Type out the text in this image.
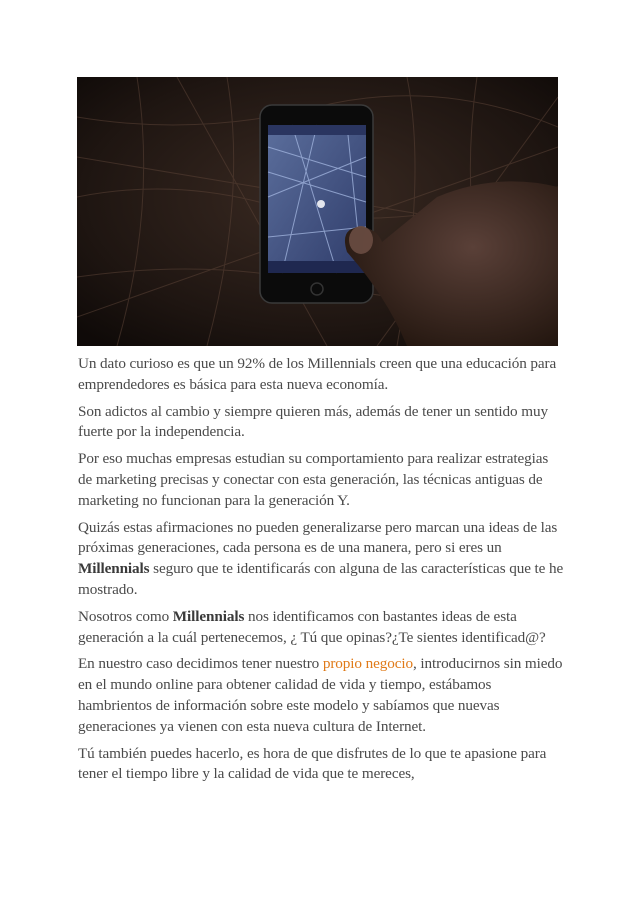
Un dato curioso es que un 92% de los Millennials creen que una educación para emprendedores es básica para esta nueva economía.

Son adictos al cambio y siempre quieren más, además de tener un sentido muy fuerte por la independencia.

Por eso muchas empresas estudian su comportamiento para realizar estrategias de marketing precisas y conectar con esta generación, las técnicas antiguas de marketing no funcionan para la generación Y.

Quizás estas afirmaciones no pueden generalizarse pero marcan una ideas de las próximas generaciones, cada persona es de una manera, pero si eres un Millennials seguro que te identificarás con alguna de las características que te he mostrado.

Nosotros como Millennials nos identificamos con bastantes ideas de esta generación a la cuál pertenecemos, ¿ Tú que opinas?¿Te sientes identificad@?

En nuestro caso decidimos tener nuestro propio negocio, introducirnos sin miedo en el mundo online para obtener calidad de vida y tiempo, estábamos hambrientos de información sobre este modelo y sabíamos que nuevas generaciones ya vienen con esta nueva cultura de Internet.

Tú también puedes hacerlo, es hora de que disfrutes de lo que te apasione para tener el tiempo libre y la calidad de vida que te mereces,
